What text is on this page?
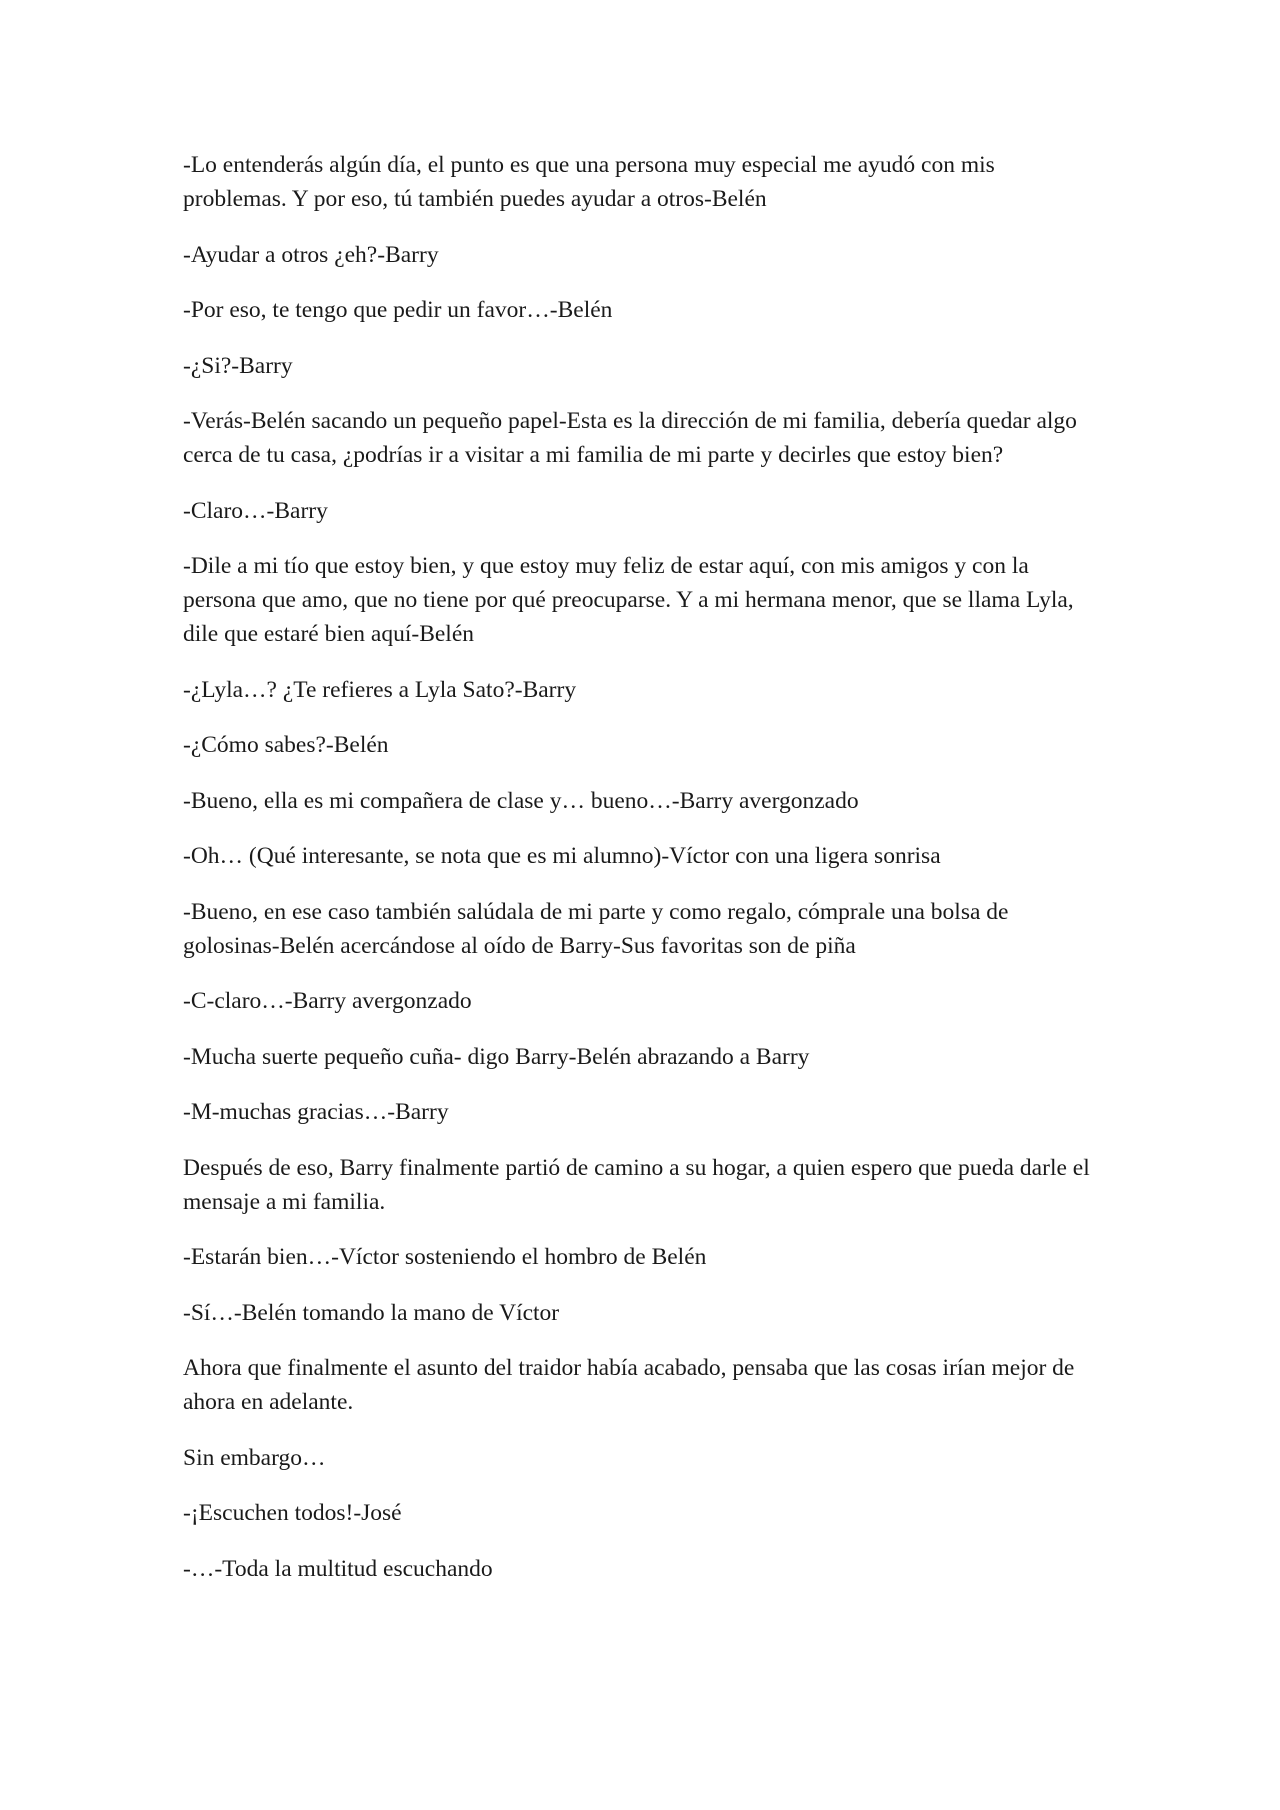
-Lo entenderás algún día, el punto es que una persona muy especial me ayudó con mis problemas. Y por eso, tú también puedes ayudar a otros-Belén

-Ayudar a otros ¿eh?-Barry

-Por eso, te tengo que pedir un favor…-Belén

-¿Si?-Barry

-Verás-Belén sacando un pequeño papel-Esta es la dirección de mi familia, debería quedar algo cerca de tu casa, ¿podrías ir a visitar a mi familia de mi parte y decirles que estoy bien?

-Claro…-Barry

-Dile a mi tío que estoy bien, y que estoy muy feliz de estar aquí, con mis amigos y con la persona que amo, que no tiene por qué preocuparse. Y a mi hermana menor, que se llama Lyla, dile que estaré bien aquí-Belén

-¿Lyla…? ¿Te refieres a Lyla Sato?-Barry

-¿Cómo sabes?-Belén

-Bueno, ella es mi compañera de clase y… bueno…-Barry avergonzado

-Oh… (Qué interesante, se nota que es mi alumno)-Víctor con una ligera sonrisa

-Bueno, en ese caso también salúdala de mi parte y como regalo, cómprale una bolsa de golosinas-Belén acercándose al oído de Barry-Sus favoritas son de piña

-C-claro…-Barry avergonzado

-Mucha suerte pequeño cuña- digo Barry-Belén abrazando a Barry

-M-muchas gracias…-Barry

Después de eso, Barry finalmente partió de camino a su hogar, a quien espero que pueda darle el mensaje a mi familia.

-Estarán bien…-Víctor sosteniendo el hombro de Belén

-Sí…-Belén tomando la mano de Víctor

Ahora que finalmente el asunto del traidor había acabado, pensaba que las cosas irían mejor de ahora en adelante.

Sin embargo…

-¡Escuchen todos!-José

-…-Toda la multitud escuchando
